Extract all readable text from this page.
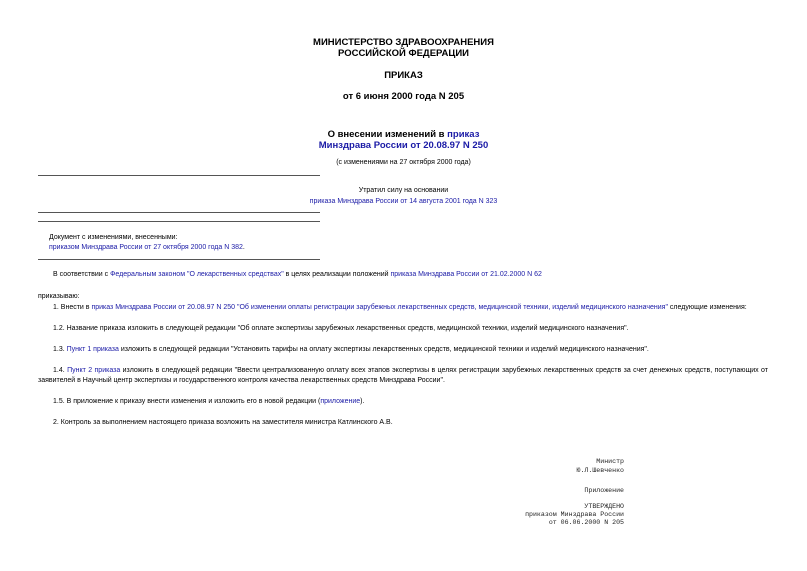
МИНИСТЕРСТВО ЗДРАВООХРАНЕНИЯ
РОССИЙСКОЙ ФЕДЕРАЦИИ
ПРИКАЗ
от 6 июня 2000 года N 205
О внесении изменений в приказ
Минздрава России от 20.08.97 N 250
(с изменениями на 27 октября 2000 года)
Утратил силу на основании
приказа Минздрава России от 14 августа 2001 года N 323
Документ с изменениями, внесенными:
приказом Минздрава России от 27 октября 2000 года N 382.
В соответствии с Федеральным законом "О лекарственных средствах" в целях реализации положений приказа Минздрава России от 21.02.2000 N 62
приказываю:
1. Внести в приказ Минздрава России от 20.08.97 N 250 "Об изменении оплаты регистрации зарубежных лекарственных средств, медицинской техники, изделий медицинского назначения" следующие изменения:
1.2. Название приказа изложить в следующей редакции "Об оплате экспертизы зарубежных лекарственных средств, медицинской техники, изделий медицинского назначения".
1.3. Пункт 1 приказа изложить в следующей редакции "Установить тарифы на оплату экспертизы лекарственных средств, медицинской техники и изделий медицинского назначения".
1.4. Пункт 2 приказа изложить в следующей редакции "Ввести централизованную оплату всех этапов экспертизы в целях регистрации зарубежных лекарственных средств за счет денежных средств, поступающих от заявителей в Научный центр экспертизы и государственного контроля качества лекарственных средств Минздрава России".
1.5. В приложение к приказу внести изменения и изложить его в новой редакции (приложение).
2. Контроль за выполнением настоящего приказа возложить на заместителя министра Катлинского А.В.
Министр
Ю.Л.Шевченко
Приложение
УТВЕРЖДЕНО
приказом Минздрава России
от 06.06.2000 N 205
